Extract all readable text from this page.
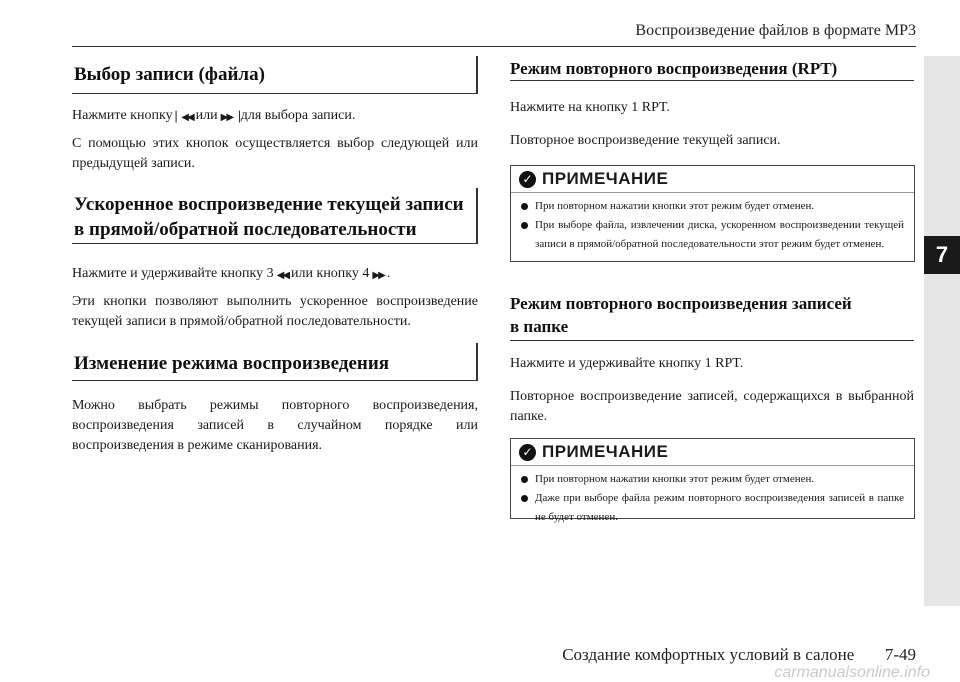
Воспроизведение файлов в формате MP3
7
Выбор записи (файла)
Нажмите кнопку ▏◀◀ или ▶▶▕ для выбора записи.
С помощью этих кнопок осуществляется выбор следующей или предыдущей записи.
Ускоренное воспроизведение текущей записи
в прямой/обратной последовательности
Нажмите и удерживайте кнопку 3 ◀◀ или кнопку 4 ▶▶ .
Эти кнопки позволяют выполнить ускоренное воспроизведение текущей записи в прямой/обратной последовательности.
Изменение режима воспроизведения
Можно выбрать режимы повторного воспроизведения, воспроизведения записей в случайном порядке или воспроизведения в режиме сканирования.
Режим повторного воспроизведения (RPT)
Нажмите на кнопку 1 RPT.
Повторное воспроизведение текущей записи.
✓ ПРИМЕЧАНИЕ
При повторном нажатии кнопки этот режим будет отменен.
При выборе файла, извлечении диска, ускоренном воспроизведении текущей записи в прямой/обратной последовательности этот режим будет отменен.
Режим повторного воспроизведения записей
в папке
Нажмите и удерживайте кнопку 1 RPT.
Повторное воспроизведение записей, содержащихся в выбранной папке.
✓ ПРИМЕЧАНИЕ
При повторном нажатии кнопки этот режим будет отменен.
Даже при выборе файла режим повторного воспроизведения записей в папке не будет отменен.
Создание комфортных условий в салоне 7-49
carmanualsonline.info
